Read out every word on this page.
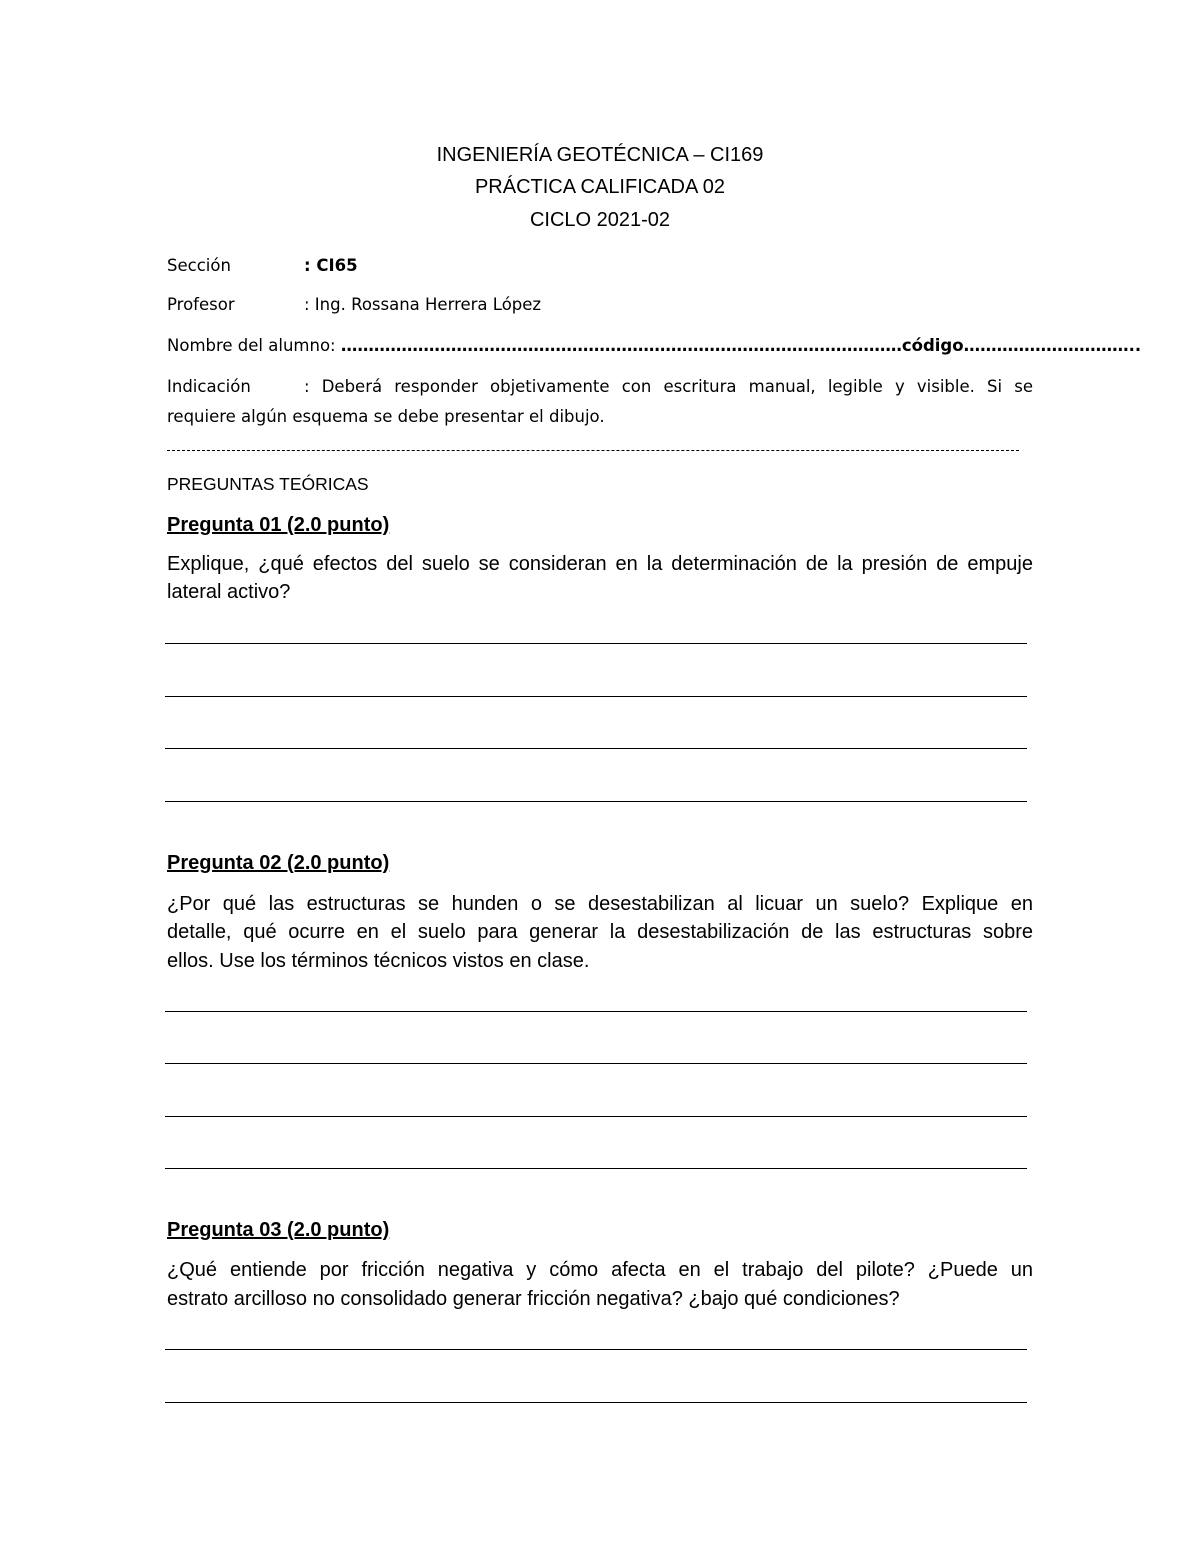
INGENIERÍA GEOTÉCNICA – CI169
PRÁCTICA CALIFICADA 02
CICLO 2021-02
Sección	: CI65
Profesor	: Ing. Rossana Herrera López
Nombre del alumno: …………………………………………………………………………………………código…………………………..
Indicación	: Deberá responder objetivamente con escritura manual, legible y visible. Si se
requiere algún esquema se debe presentar el dibujo.
PREGUNTAS TEÓRICAS
Pregunta 01 (2.0 punto)
Explique, ¿qué efectos del suelo se consideran en la determinación de la presión de empuje
lateral activo?
Pregunta 02 (2.0 punto)
¿Por qué las estructuras se hunden o se desestabilizan al licuar un suelo? Explique en
detalle, qué ocurre en el suelo para generar la desestabilización de las estructuras sobre
ellos. Use los términos técnicos vistos en clase.
Pregunta 03 (2.0 punto)
¿Qué entiende por fricción negativa y cómo afecta en el trabajo del pilote? ¿Puede un
estrato arcilloso no consolidado generar fricción negativa? ¿bajo qué condiciones?
